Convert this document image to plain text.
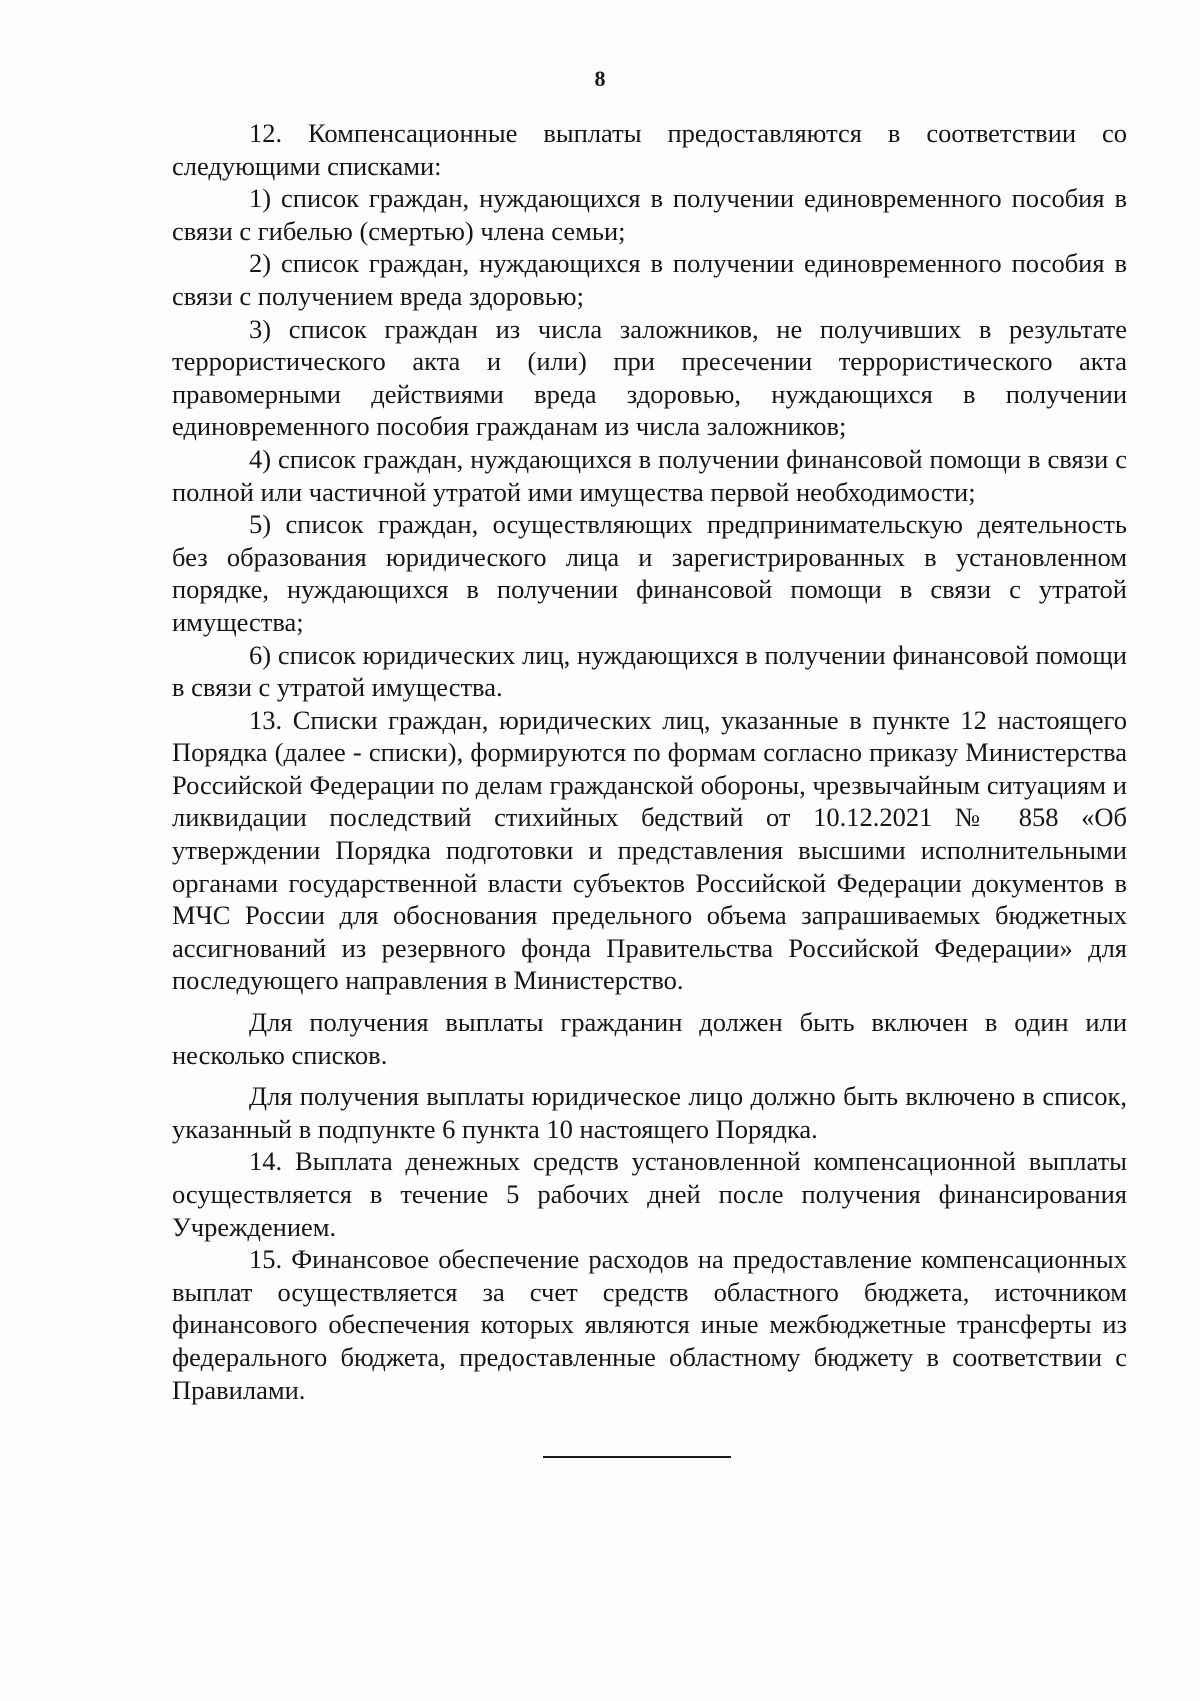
8

12. Компенсационные выплаты предоставляются в соответствии со следующими списками:

1) список граждан, нуждающихся в получении единовременного пособия в связи с гибелью (смертью) члена семьи;

2) список граждан, нуждающихся в получении единовременного пособия в связи с получением вреда здоровью;

3) список граждан из числа заложников, не получивших в результате террористического акта и (или) при пресечении террористического акта правомерными действиями вреда здоровью, нуждающихся в получении единовременного пособия гражданам из числа заложников;

4) список граждан, нуждающихся в получении финансовой помощи в связи с полной или частичной утратой ими имущества первой необходимости;

5) список граждан, осуществляющих предпринимательскую деятельность без образования юридического лица и зарегистрированных в установленном порядке, нуждающихся в получении финансовой помощи в связи с утратой имущества;

6) список юридических лиц, нуждающихся в получении финансовой помощи в связи с утратой имущества.

13. Списки граждан, юридических лиц, указанные в пункте 12 настоящего Порядка (далее - списки), формируются по формам согласно приказу Министерства Российской Федерации по делам гражданской обороны, чрезвычайным ситуациям и ликвидации последствий стихийных бедствий от 10.12.2021 № 858 «Об утверждении Порядка подготовки и представления высшими исполнительными органами государственной власти субъектов Российской Федерации документов в МЧС России для обоснования предельного объема запрашиваемых бюджетных ассигнований из резервного фонда Правительства Российской Федерации» для последующего направления в Министерство.

Для получения выплаты гражданин должен быть включен в один или несколько списков.

Для получения выплаты юридическое лицо должно быть включено в список, указанный в подпункте 6 пункта 10 настоящего Порядка.

14. Выплата денежных средств установленной компенсационной выплаты осуществляется в течение 5 рабочих дней после получения финансирования Учреждением.

15. Финансовое обеспечение расходов на предоставление компенсационных выплат осуществляется за счет средств областного бюджета, источником финансового обеспечения которых являются иные межбюджетные трансферты из федерального бюджета, предоставленные областному бюджету в соответствии с Правилами.
